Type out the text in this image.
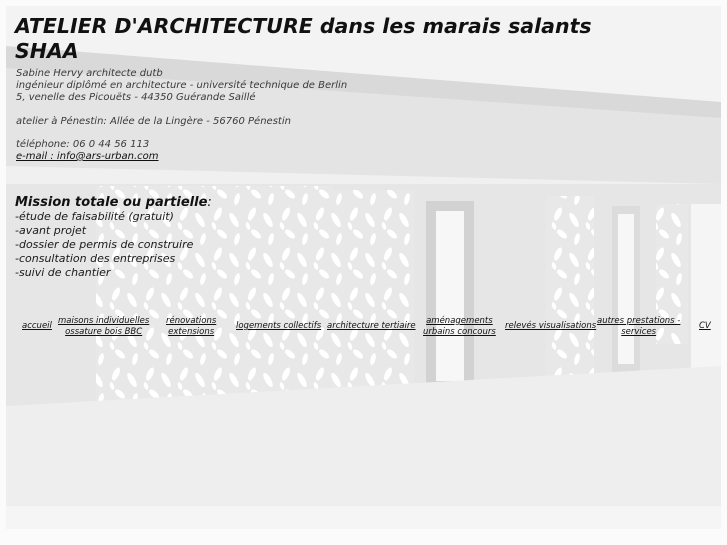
ATELIER D'ARCHITECTURE dans les marais salants
SHAA
Sabine Hervy architecte dutb
ingénieur diplômé en architecture - université technique de Berlin
5, venelle des Picouëts - 44350 Guérande Saillé
atelier à Pénestin: Allée de la Lingère - 56760 Pénestin
téléphone: 06 0 44 56 113
e-mail : info@ars-urban.com
Mission totale ou partielle:
-étude de faisabilité (gratuit)
-avant projet
-dossier de permis de construire
-consultation des entreprises
-suivi de chantier
accueil maisons individuelles
ossature bois BBC
rénovations
extensions
logements collectifs architecture tertiaire	aménagements
urbains concours
relevés visualisations autres prestations -
services
CV
